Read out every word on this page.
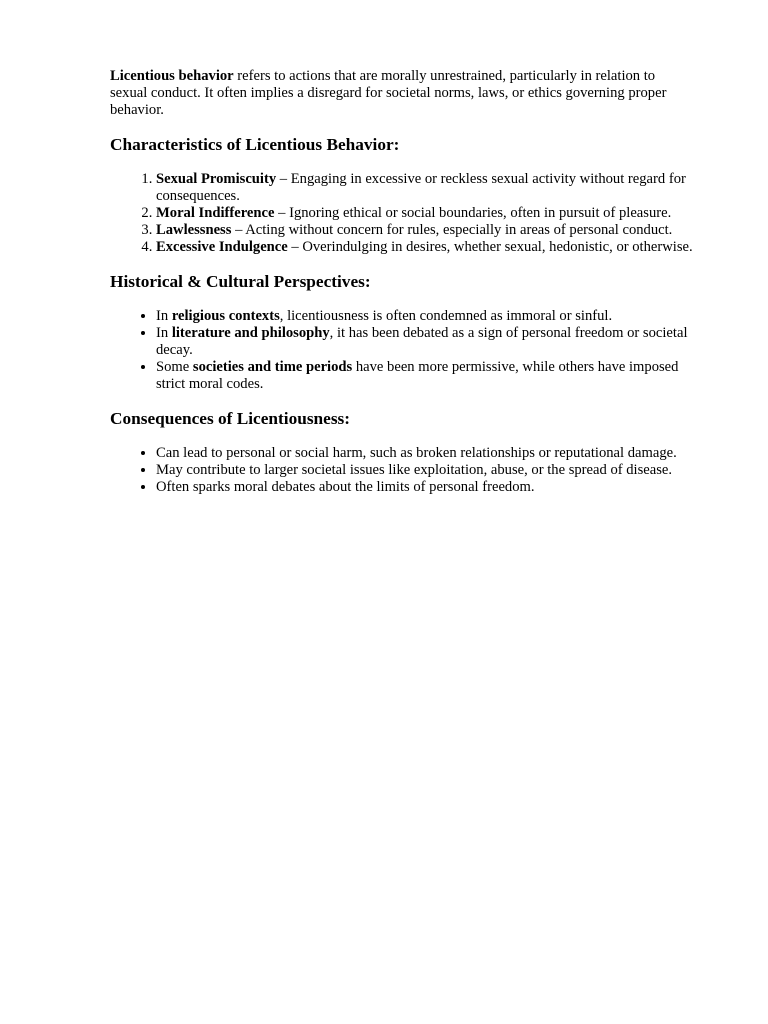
Licentious behavior refers to actions that are morally unrestrained, particularly in relation to sexual conduct. It often implies a disregard for societal norms, laws, or ethics governing proper behavior.

Characteristics of Licentious Behavior:
1. Sexual Promiscuity – Engaging in excessive or reckless sexual activity without regard for consequences.
2. Moral Indifference – Ignoring ethical or social boundaries, often in pursuit of pleasure.
3. Lawlessness – Acting without concern for rules, especially in areas of personal conduct.
4. Excessive Indulgence – Overindulging in desires, whether sexual, hedonistic, or otherwise.
Historical & Cultural Perspectives:
• In religious contexts, licentiousness is often condemned as immoral or sinful.
• In literature and philosophy, it has been debated as a sign of personal freedom or societal decay.
• Some societies and time periods have been more permissive, while others have imposed strict moral codes.
Consequences of Licentiousness:
• Can lead to personal or social harm, such as broken relationships or reputational damage.
• May contribute to larger societal issues like exploitation, abuse, or the spread of disease.
• Often sparks moral debates about the limits of personal freedom.
